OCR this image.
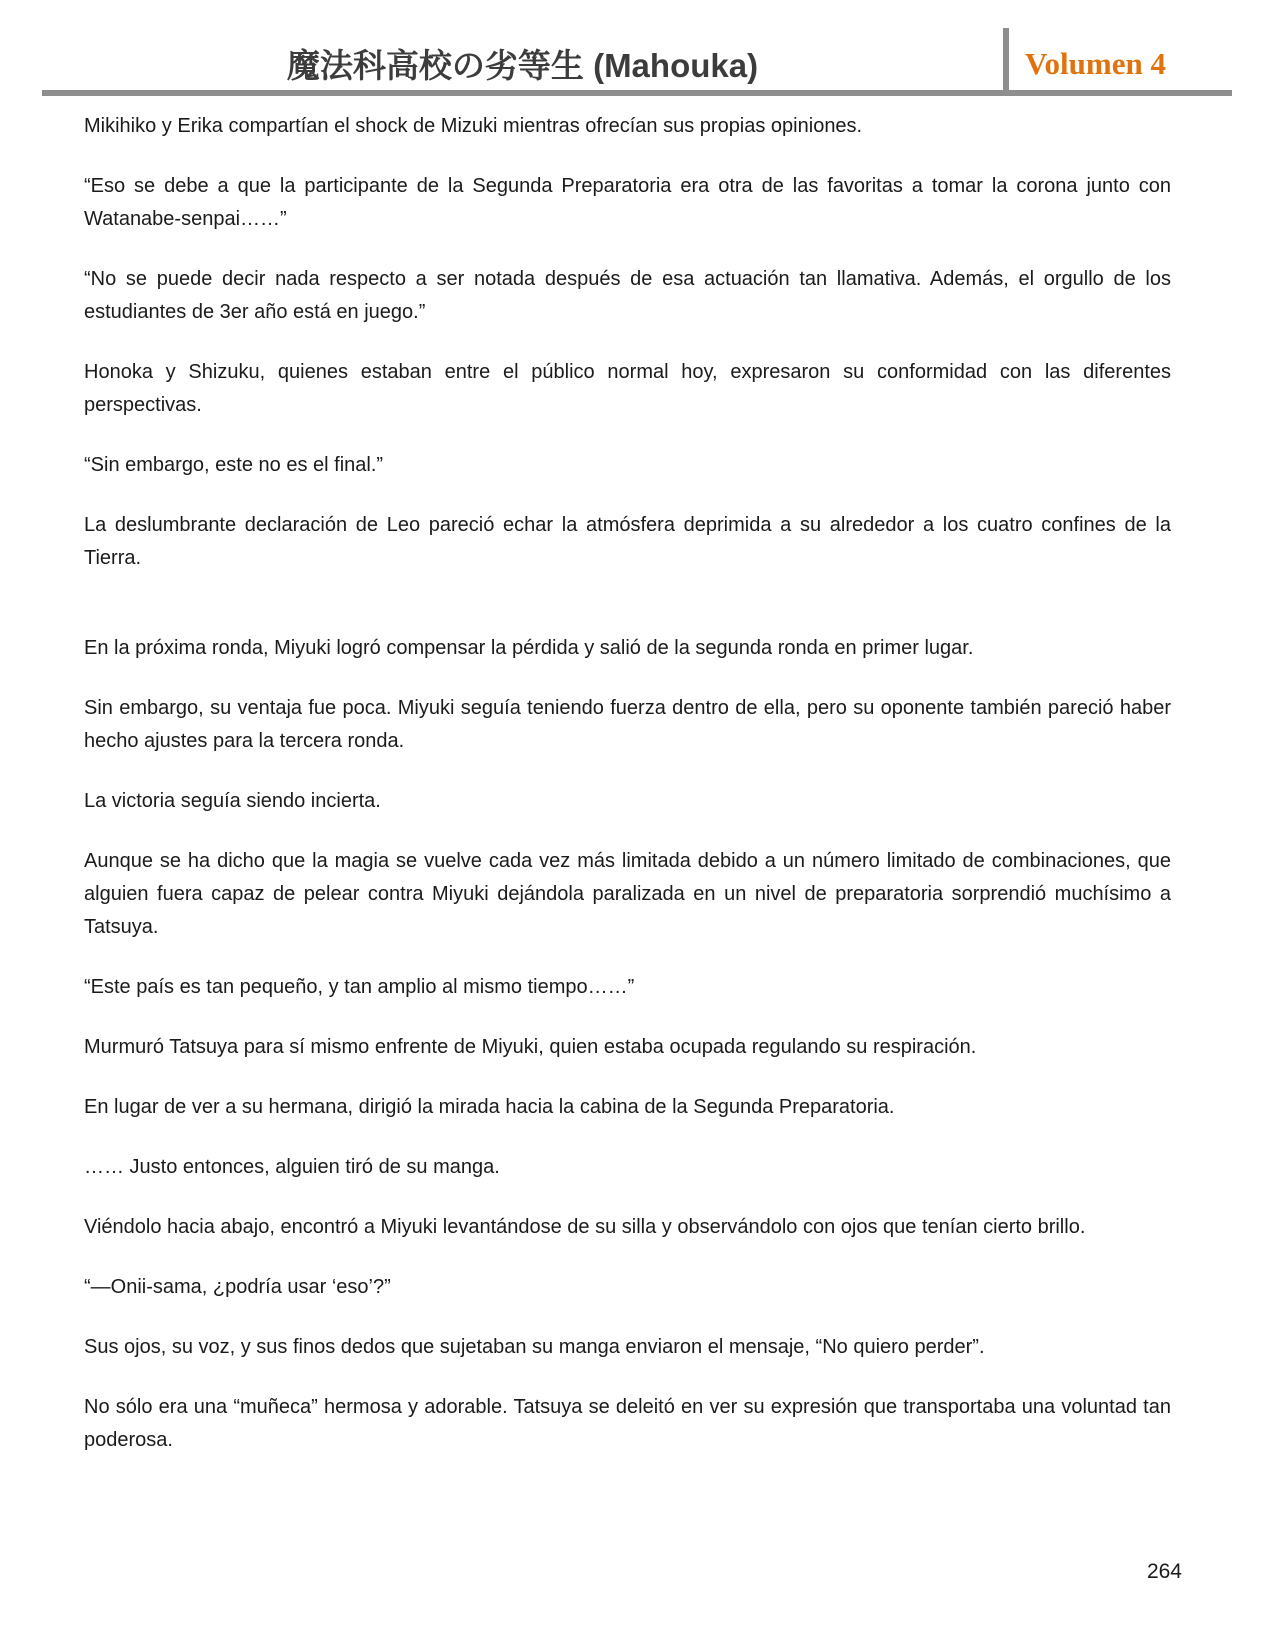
魔法科高校の劣等生 (Mahouka)	Volumen 4

Mikihiko y Erika compartían el shock de Mizuki mientras ofrecían sus propias opiniones.

“Eso se debe a que la participante de la Segunda Preparatoria era otra de las favoritas a tomar la corona junto con Watanabe-senpai……”

“No se puede decir nada respecto a ser notada después de esa actuación tan llamativa. Además, el orgullo de los estudiantes de 3er año está en juego.”

Honoka y Shizuku, quienes estaban entre el público normal hoy, expresaron su conformidad con las diferentes perspectivas.

“Sin embargo, este no es el final.”

La deslumbrante declaración de Leo pareció echar la atmósfera deprimida a su alrededor a los cuatro confines de la Tierra.

En la próxima ronda, Miyuki logró compensar la pérdida y salió de la segunda ronda en primer lugar.

Sin embargo, su ventaja fue poca. Miyuki seguía teniendo fuerza dentro de ella, pero su oponente también pareció haber hecho ajustes para la tercera ronda.

La victoria seguía siendo incierta.

Aunque se ha dicho que la magia se vuelve cada vez más limitada debido a un número limitado de combinaciones, que alguien fuera capaz de pelear contra Miyuki dejándola paralizada en un nivel de preparatoria sorprendió muchísimo a Tatsuya.

“Este país es tan pequeño, y tan amplio al mismo tiempo……”

Murmuró Tatsuya para sí mismo enfrente de Miyuki, quien estaba ocupada regulando su respiración.

En lugar de ver a su hermana, dirigió la mirada hacia la cabina de la Segunda Preparatoria.

…… Justo entonces, alguien tiró de su manga.

Viéndolo hacia abajo, encontró a Miyuki levantándose de su silla y observándolo con ojos que tenían cierto brillo.

“—Onii-sama, ¿podría usar ‘eso’?”

Sus ojos, su voz, y sus finos dedos que sujetaban su manga enviaron el mensaje, “No quiero perder”.

No sólo era una “muñeca” hermosa y adorable. Tatsuya se deleitó en ver su expresión que transportaba una voluntad tan poderosa.

264
